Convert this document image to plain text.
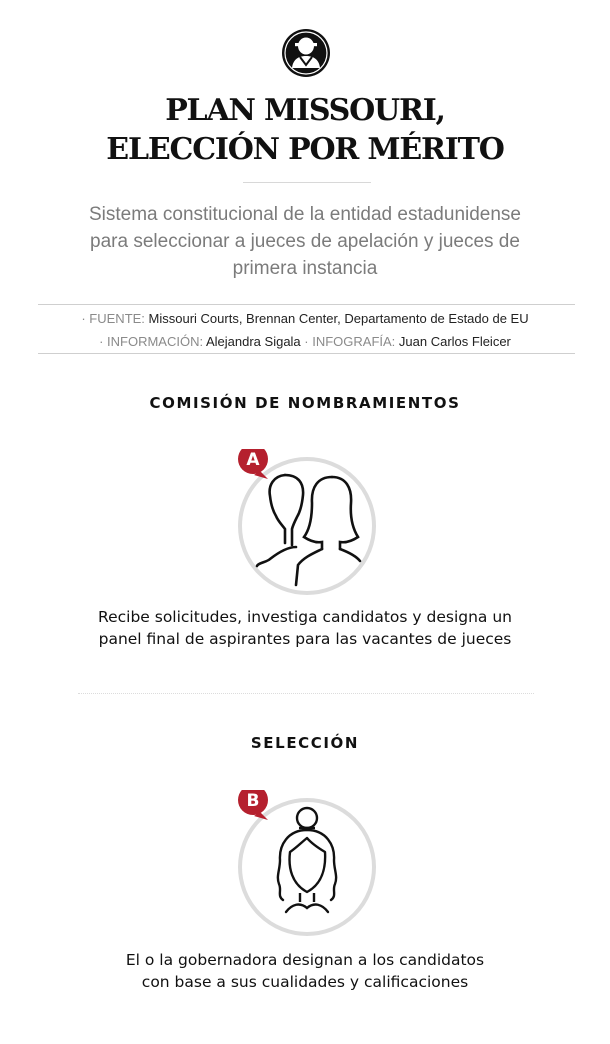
PLAN MISSOURI,
ELECCIÓN POR MÉRITO
Sistema constitucional de la entidad estadunidense
para seleccionar a jueces de apelación y jueces de
primera instancia
· FUENTE: Missouri Courts, Brennan Center, Departamento de Estado de EU
· INFORMACIÓN: Alejandra Sigala · INFOGRAFÍA: Juan Carlos Fleicer
COMISIÓN DE NOMBRAMIENTOS
A
Recibe solicitudes, investiga candidatos y designa un
panel final de aspirantes para las vacantes de jueces
SELECCIÓN
B
El o la gobernadora designan a los candidatos
con base a sus cualidades y calificaciones
